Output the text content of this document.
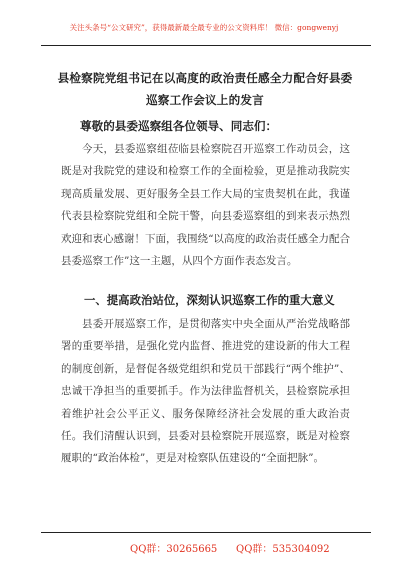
关注头条号“公文研究”，获得最新最全最专业的公文资料库！ 微信：gongwenyj
县检察院党组书记在以高度的政治责任感全力配合好县委
巡察工作会议上的发言
尊敬的县委巡察组各位领导、同志们：

今天，县委巡察组莅临县检察院召开巡察工作动员会，这既是对我院党的建设和检察工作的全面检验，更是推动我院实现高质量发展、更好服务全县工作大局的宝贵契机在此，我谨代表县检察院党组和全院干警，向县委巡察组的到来表示热烈欢迎和衷心感谢！下面，我围绕“以高度的政治责任感全力配合县委巡察工作”这一主题，从四个方面作表态发言。

一、提高政治站位，深刻认识巡察工作的重大意义

县委开展巡察工作，是贯彻落实中央全面从严治党战略部署的重要举措，是强化党内监督、推进党的建设新的伟大工程的制度创新，是督促各级党组织和党员干部践行“两个维护”、忠诚干净担当的重要抓手。作为法律监督机关，县检察院承担着维护社会公平正义、服务保障经济社会发展的重大政治责任。我们清醒认识到，县委对县检察院开展巡察，既是对检察履职的“政治体检”，更是对检察队伍建设的“全面把脉”。

QQ群：30265665 QQ群：535304092
